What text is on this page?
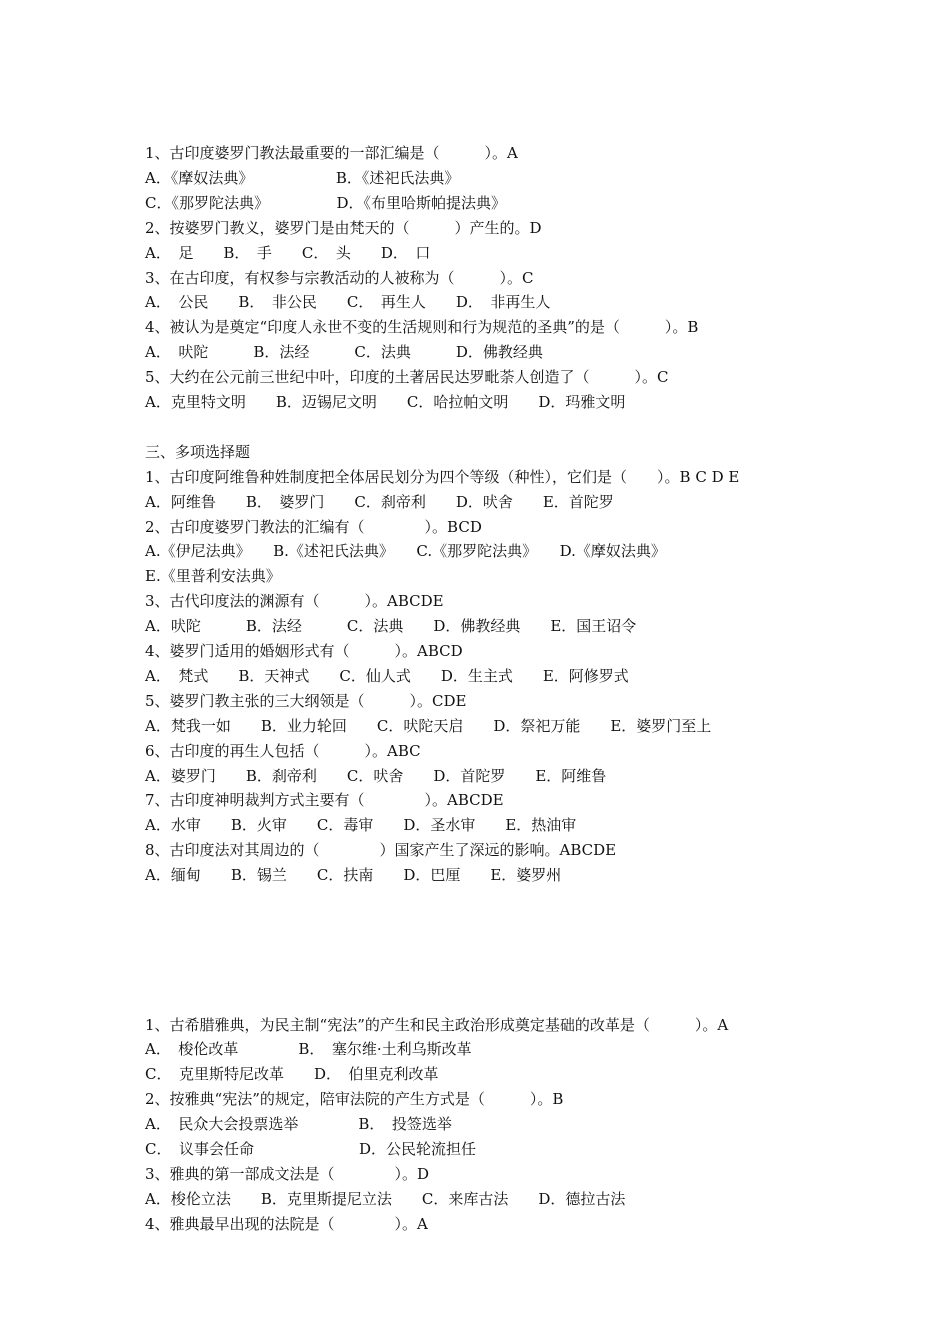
1、古印度婆罗门教法最重要的一部汇编是（　　　）。A
A．《摩奴法典》　　　　　　B．《述祀氏法典》
C．《那罗陀法典》　　　　　D．《布里哈斯帕提法典》
2、按婆罗门教义，婆罗门是由梵天的（　　　）产生的。D
A．　足　　B．　手　　C．　头　　D．　口
3、在古印度，有权参与宗教活动的人被称为（　　　）。C
A．　公民　　B．　非公民　　C．　再生人　　D．　非再生人
4、被认为是奠定“印度人永世不变的生活规则和行为规范的圣典”的是（　　　）。B
A．　吠陀　　　B．法经　　　C．法典　　　D．佛教经典
5、大约在公元前三世纪中叶，印度的土著居民达罗毗荼人创造了（　　　）。C
A．克里特文明　　B．迈锡尼文明　　C．哈拉帕文明　　D．玛雅文明
三、多项选择题
1、古印度阿维鲁种姓制度把全体居民划分为四个等级（种性），它们是（　　）。B C D E
A．阿维鲁　　B．　婆罗门　　C．刹帝利　　D．吠舍　　E．首陀罗
2、古印度婆罗门教法的汇编有（　　　　）。BCD
A.《伊尼法典》　　B.《述祀氏法典》　　C.《那罗陀法典》　　D.《摩奴法典》
E.《里普利安法典》
3、古代印度法的渊源有（　　　）。ABCDE
A．吠陀　　　B．法经　　　C．法典　　D．佛教经典　　E．国王诏令
4、婆罗门适用的婚姻形式有（　　　）。ABCD
A．　梵式　　B．天神式　　C．仙人式　　D．生主式　　E．阿修罗式
5、婆罗门教主张的三大纲领是（　　　）。CDE
A．梵我一如　　B．业力轮回　　C．吠陀天启　　D．祭祀万能　　E．婆罗门至上
6、古印度的再生人包括（　　　）。ABC
A．婆罗门　　B．刹帝利　　C．吠舍　　D．首陀罗　　E．阿维鲁
7、古印度神明裁判方式主要有（　　　　）。ABCDE
A．水审　　B．火审　　C．毒审　　D．圣水审　　E．热油审
8、古印度法对其周边的（　　　　）国家产生了深远的影响。ABCDE
A．缅甸　　B．锡兰　　C．扶南　　D．巴厘　　E．婆罗州
1、古希腊雅典，为民主制“宪法”的产生和民主政治形成奠定基础的改革是（　　　）。A
A．　梭伦改革　　　　B．　塞尔维·土利乌斯改革
C．　克里斯特尼改革　　D．　伯里克利改革
2、按雅典“宪法”的规定，陪审法院的产生方式是（　　　）。B
A．　民众大会投票选举　　　　B．　投签选举
C．　议事会任命　　　　　　　D．公民轮流担任
3、雅典的第一部成文法是（　　　　）。D
A．梭伦立法　　B．克里斯提尼立法　　C．来库古法　　D．德拉古法
4、雅典最早出现的法院是（　　　　）。A
